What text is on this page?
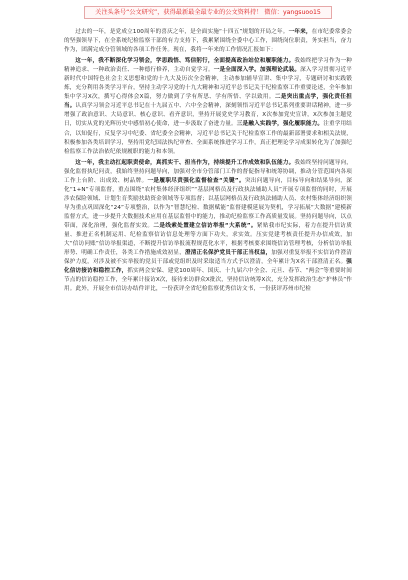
关注头条号“公文研究”，获得最新最全最专业的公文资料持！ 微信：yangsuoo15

过去的一年，是党成立100周年的喜庆之年，是全面实施“十四五”规划的开局之年。一年来，在市纪委常委会的坚强领导下，在全系统纪检监察干部的有力支持下，我累紧围绕全委中心工作，围绕岗位职责，务实担当，奋力作为，团满完成分管领域的各项工作任务。现在，我将一年来的工作情况汇报如下：

这一年，我不断深化学习领会，学思践悟、笃信躬行，全面提高政治站位和履职能力。我始终把学习作为一种精神追求、一种政治责任、一种德行修养，主动自觉学习。一是全面深入学。加强理论武装。深入学习贯彻习近平新时代中国特色社会主义思想和党的十九大及历次全会精神，主动参加辅导宣讲、集中学习，专题研讨和实践锻炼，充分利用各类学习平台，坚持主动学习党的十九大精神和习近平总书记关于纪检监察工作重要论述，全年参加集中学习X次，撰写心得体会X篇，努力做到了学有所思、学有所悟、学以致用。二是突出重点学，强化责任担当。认真学习领会习近平总书记在十九届五中、六中全会精神，深刻领悟习近平总书记系列重要讲话精神，进一步增强了政治意识、大局意识、核心意识、看齐意识，坚持开展党史学习教育，X次参加党史宣讲，X次参加主题党日，切实从党的光辉历史中感悟初心使命，进一步汲取了奋进力量。三是融入实践学，强化履职能力。注重学用结合，以知促行，反复学习中纪委、省纪委全会精神，习近平总书记关于纪检监察工作的最新部署要求和相关法规，积极参加各类培训学习，坚持用党纪国法执纪审查、全面系统推进学习工作，真正把理论学习成果转化为了加强纪检监察工作法治依纪依规履职的能力和本领。

这一年，我主动扛起职责使命，真抓实干、担当作为，持续提升工作成效和队伍能力。我始终坚持问题导向，强化监督执纪问责，我始终坚持问题导向，加强对全市分管部门工作的督促指导和统筹协调，推动分管范围内各项工作上台阶、出成效、树品牌。一是履职尽责强化监督检查“关键”。突出问题导向，目标导向和结果导向，深化“1+N”专项监督，重点围绕“农村集体经济组织”“基层网格员及行政执法辅助人员”开展专项监督的同时，开展涉农保险领域、计划生育奖励扶助资金领域等专项监督；以基层网格员及行政执法辅助人员、农村集体经济组织领导为重点巩固深化“24”专项整治，以作为“智慧纪检、数据赋能”监督建模延展为契机，学习拓展“大数据”建模新监督方式，进一步提升大数据技术应用在基层监督中的能力，推动纪检监察工作高质量发展。坚持问题导向，以点带面，深化治理，强化监督实效。二是线索处置建立信访举报“大系统”。紧贴我市纪实际，着力在提升信访质量、推进正名机制运用、纪检监察信访信息处理等方面下功夫，求实效。压实党建考核责任提升办信成效，加大“信访问账”信访举报渠道，不断提升信访举报流程规范化水平，根据考核要求围绕信访管理考核，分析信访举报形势、明确工作责任，各类工作措施成效初显，澄清正名保护党员干部正当权益，加强对重复举报不实信访件澄清保护力度，对涉及被不实举报的党员干部或党组织及时采取适当方式予以澄清，全年累计为X名干部澄清正名。强化信访接访和稳控工作，抓实两会安保、建党100周年、国庆、十九届六中全会、元旦、春节、“两会”等重要时间节点的信访稳控工作，全年累计接访X次，接待来访群众X批次，坚持信访统筹X次，充分发挥政治生态“护林员”作用。此外，开展全市信访办结件评比，一份获评全省纪检监察优秀信访文书，一份获评苏州市纪检
